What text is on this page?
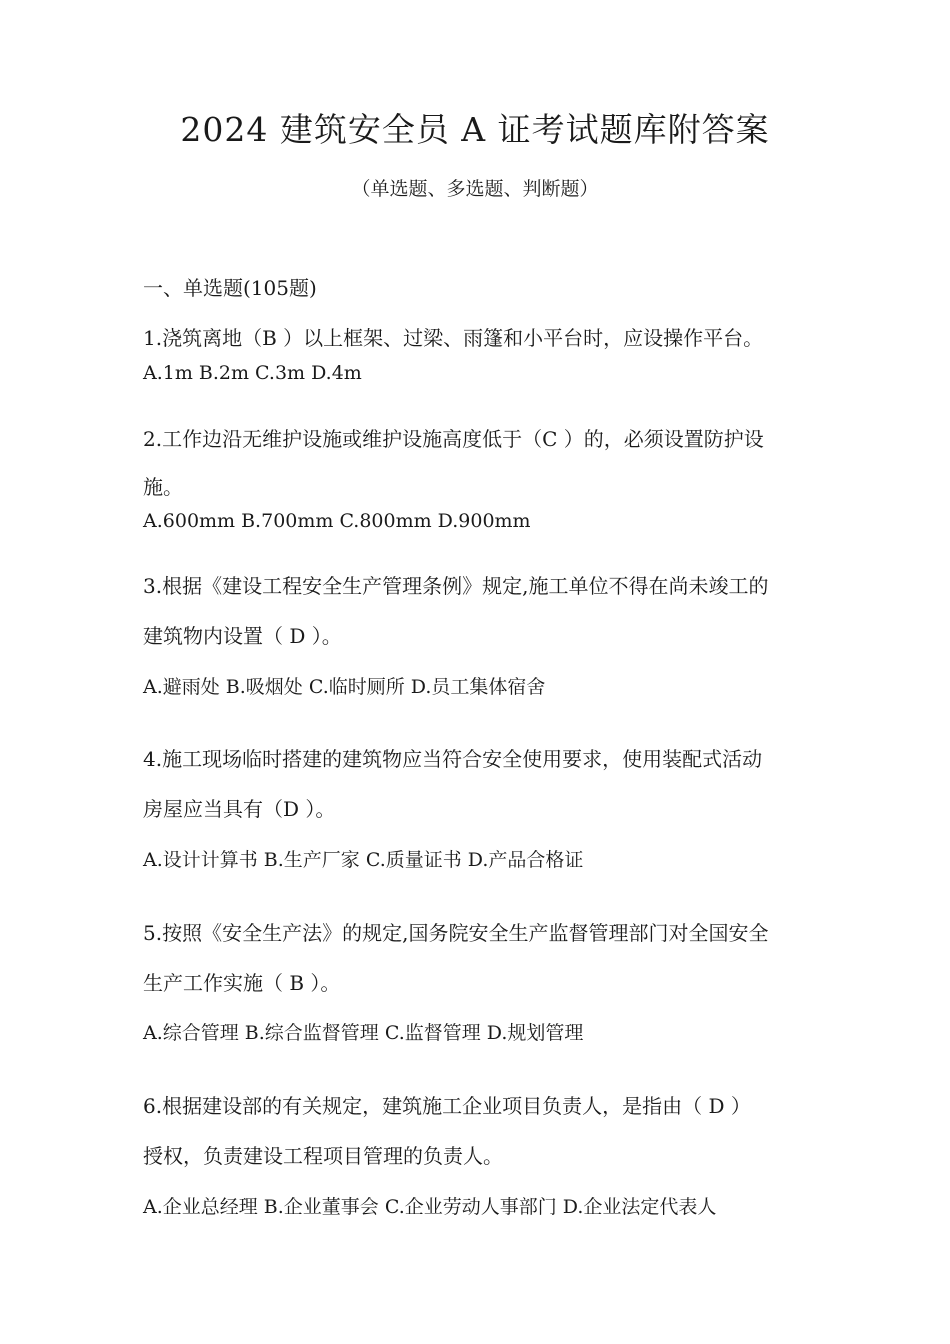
2024 建筑安全员 A 证考试题库附答案
（单选题、多选题、判断题）
一、单选题(105题)
1.浇筑离地（B ）以上框架、过梁、雨篷和小平台时，应设操作平台。
A.1m B.2m C.3m D.4m
2.工作边沿无维护设施或维护设施高度低于（C ）的，必须设置防护设
施。
A.600mm B.700mm C.800mm D.900mm
3.根据《建设工程安全生产管理条例》规定,施工单位不得在尚未竣工的
建筑物内设置（ D ）。
A.避雨处 B.吸烟处 C.临时厕所 D.员工集体宿舍
4.施工现场临时搭建的建筑物应当符合安全使用要求，使用装配式活动
房屋应当具有（D ）。
A.设计计算书 B.生产厂家 C.质量证书 D.产品合格证
5.按照《安全生产法》的规定,国务院安全生产监督管理部门对全国安全
生产工作实施（ B ）。
A.综合管理 B.综合监督管理 C.监督管理 D.规划管理
6.根据建设部的有关规定，建筑施工企业项目负责人，是指由（ D ）
授权，负责建设工程项目管理的负责人。
A.企业总经理 B.企业董事会 C.企业劳动人事部门 D.企业法定代表人
